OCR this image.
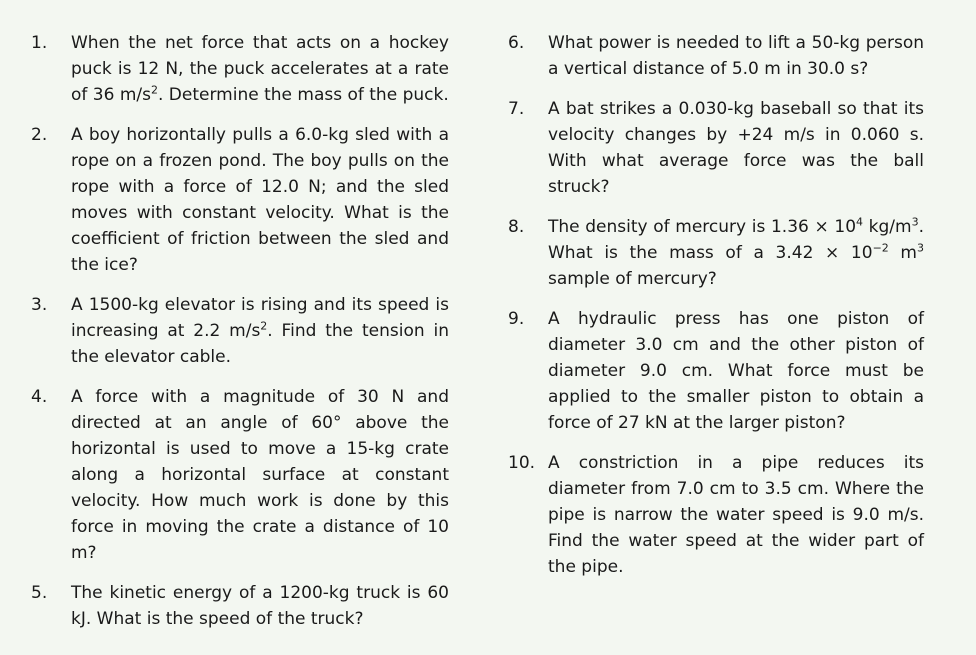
1.	When the net force that acts on a hockey puck is 12 N, the puck accelerates at a rate of 36 $m/s^2$. Determine the mass of the puck.
2.	A boy horizontally pulls a 6.0-kg sled with a rope on a frozen pond. The boy pulls on the rope with a force of 12.0 N; and the sled moves with constant velocity. What is the coefficient of friction between the sled and the ice?
3.	A 1500-kg elevator is rising and its speed is increasing at 2.2 $m/s^2$. Find the tension in the elevator cable.
4.	A force with a magnitude of 30 N and directed at an angle of 60° above the horizontal is used to move a 15-kg crate along a horizontal surface at constant velocity. How much work is done by this force in moving the crate a distance of 10 m?
5.	The kinetic energy of a 1200-kg truck is 60 kJ. What is the speed of the truck?
6.	What power is needed to lift a 50-kg person a vertical distance of 5.0 m in 30.0 s?
7.	A bat strikes a 0.030-kg baseball so that its velocity changes by +24 m/s in 0.060 s. With what average force was the ball struck?
8.	The density of mercury is $1.36 \times 10^4$ $kg/m^3$. What is the mass of a $3.42 \times 10^{-2}$ $m^3$ sample of mercury?
9.	A hydraulic press has one piston of diameter 3.0 cm and the other piston of diameter 9.0 cm. What force must be applied to the smaller piston to obtain a force of 27 kN at the larger piston?
10. A constriction in a pipe reduces its diameter from 7.0 cm to 3.5 cm. Where the pipe is narrow the water speed is 9.0 m/s. Find the water speed at the wider part of the pipe.
